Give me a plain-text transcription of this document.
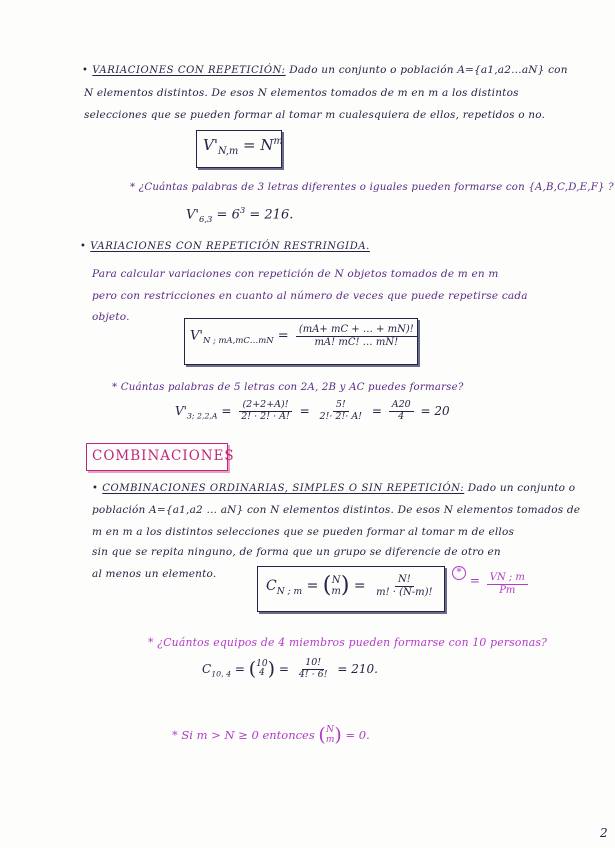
• VARIACIONES CON REPETICIÓN: Dado un conjunto o población A={a1,a2…aN} con
N elementos distintos. De esos N elementos tomados de m en m a los distintos
selecciones que se pueden formar al tomar m cualesquiera de ellos, repetidos o no.
$V'_{N,m} = N^m$
* ¿Cuántas palabras de 3 letras diferentes o iguales pueden formarse con {A,B,C,D,E,F} ?
$V'_{6,3} = 6^3 = 216$.
• VARIACIONES CON REPETICIÓN RESTRINGIDA.
Para calcular variaciones con repetición de N objetos tomados de m en m
pero con restricciones en cuanto al número de veces que puede repetirse cada
objeto.
$V'_{N ; mA,mC\dots mN} = \frac{(mA+ mC + \dots + mN)!}{mA! mC! \dots mN!}$
* Cuántas palabras de 5 letras con 2A, 2B y AC puedes formarse?
$V'_{3; 2,2,A} = \frac{(2+2+A)!}{2! \cdot 2! \cdot A!} = \frac{5!}{2!\cdot 2!\cdot A!} = \frac{A20}{4} = 20$
COMBINACIONES
• COMBINACIONES ORDINARIAS, SIMPLES O SIN REPETICIÓN: Dado un conjunto o
población A={a1,a2 … aN} con N elementos distintos. De esos N elementos tomados de
m en m a los distintos selecciones que se pueden formar al tomar m de ellos
sin que se repita ninguno, de forma que un grupo se diferencie de otro en
al menos un elemento.
$C_{N ; m}$ = ( N
m ) = $\frac{N!}{m! \cdot (N-m)!}$
* = $\frac{VN ; m}{Pm}$
* ¿Cuántos equipos de 4 miembros pueden formarse con 10 personas?
$C_{10, 4}$ = ( 10
4 ) = $\frac{10!}{4! \cdot 6!} = 210$.
* Si m > N ≥ 0 entonces ( N
m ) = 0.
2
